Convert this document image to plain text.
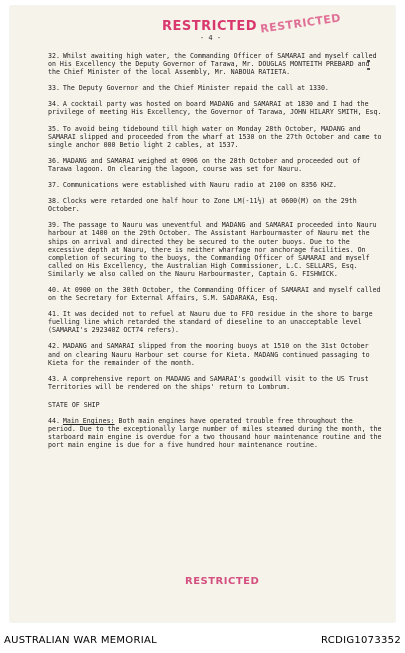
RESTRICTED RESTRICTED
- 4 -

32. Whilst awaiting high water, the Commanding Officer of SAMARAI and myself called on His Excellency the Deputy Governor of Tarawa, Mr. DOUGLAS MONTEITH PREBARD and the Chief Minister of the local Assembly, Mr. NABOUA RATIETA.

33. The Deputy Governor and the Chief Minister repaid the call at 1330.

34. A cocktail party was hosted on board MADANG and SAMARAI at 1830 and I had the privilege of meeting His Excellency, the Governor of Tarawa, JOHN HILARY SMITH, Esq.

35. To avoid being tidebound till high water on Monday 28th October, MADANG and SAMARAI slipped and proceeded from the wharf at 1530 on the 27th October and came to single anchor 000 Betio light 2 cables, at 1537.

36. MADANG and SAMARAI weighed at 0906 on the 28th October and proceeded out of Tarawa lagoon. On clearing the lagoon, course was set for Nauru.

37. Communications were established with Nauru radio at 2100 on 8356 KHZ.

38. Clocks were retarded one half hour to Zone LM(-11½) at 0600(M) on the 29th October.

39. The passage to Nauru was uneventful and MADANG and SAMARAI proceeded into Nauru harbour at 1400 on the 29th October. The Assistant Harbourmaster of Nauru met the ships on arrival and directed they be secured to the outer buoys. Due to the excessive depth at Nauru, there is neither wharfage nor anchorage facilities. On completion of securing to the buoys, the Commanding Officer of SAMARAI and myself called on His Excellency, the Australian High Commissioner, L.C. SELLARS, Esq. Similarly we also called on the Nauru Harbourmaster, Captain G. FISHWICK.

40. At 0900 on the 30th October, the Commanding Officer of SAMARAI and myself called on the Secretary for External Affairs, S.M. SADARAKA, Esq.

41. It was decided not to refuel at Nauru due to FFO residue in the shore to barge fuelling line which retarded the standard of dieseline to an unacceptable level (SAMARAI's 292340Z OCT74 refers).

42. MADANG and SAMARAI slipped from the mooring buoys at 1510 on the 31st October and on clearing Nauru Harbour set course for Kieta. MADANG continued passaging to Kieta for the remainder of the month.

43. A comprehensive report on MADANG and SAMARAI's goodwill visit to the US Trust Territories will be rendered on the ships' return to Lombrum.

STATE OF SHIP

44. Main Engines: Both main engines have operated trouble free throughout the period. Due to the exceptionally large number of miles steamed during the month, the starboard main engine is overdue for a two thousand hour maintenance routine and the port main engine is due for a five hundred hour maintenance routine.

RESTRICTED
AUSTRALIAN WAR MEMORIAL	RCDIG1073352
